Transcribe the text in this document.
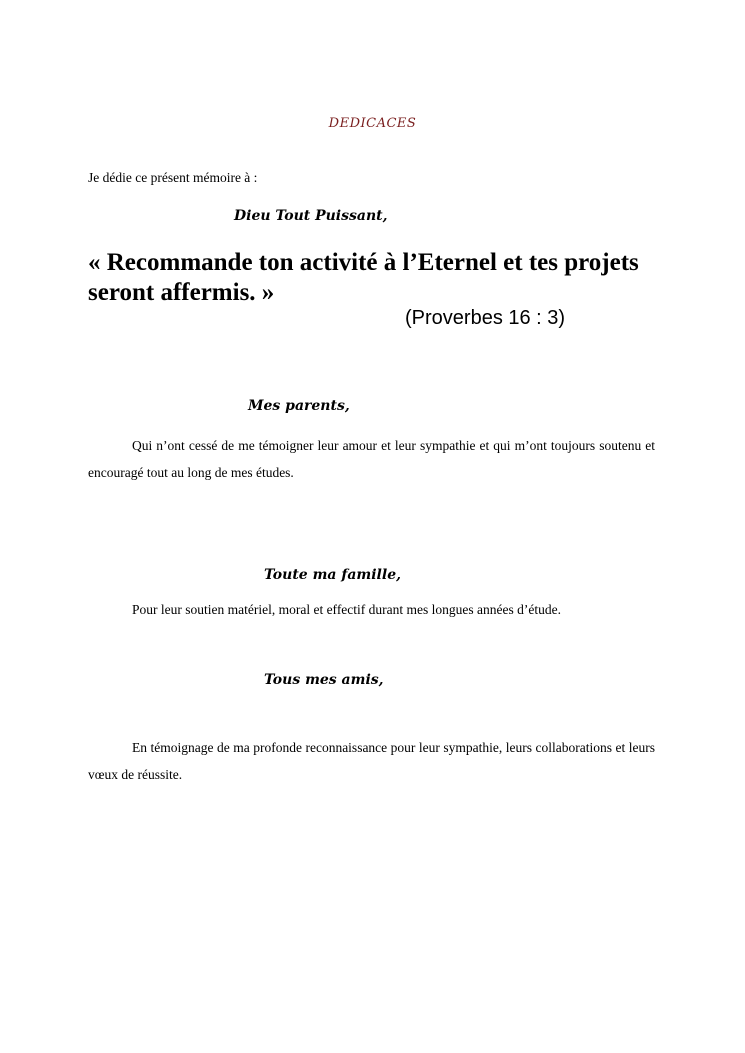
DEDICACES
Je dédie ce présent mémoire à :
Dieu Tout Puissant,
« Recommande ton activité à l’Eternel et tes projets seront affermis. »
(Proverbes 16 : 3)
Mes parents,
Qui n’ont cessé de me témoigner leur amour et leur sympathie et qui m’ont toujours soutenu et encouragé tout au long de mes études.
Toute ma famille,
Pour leur soutien matériel, moral et effectif durant mes longues années d’étude.
Tous mes amis,
En témoignage de ma profonde reconnaissance pour leur sympathie, leurs collaborations et leurs vœux de réussite.
